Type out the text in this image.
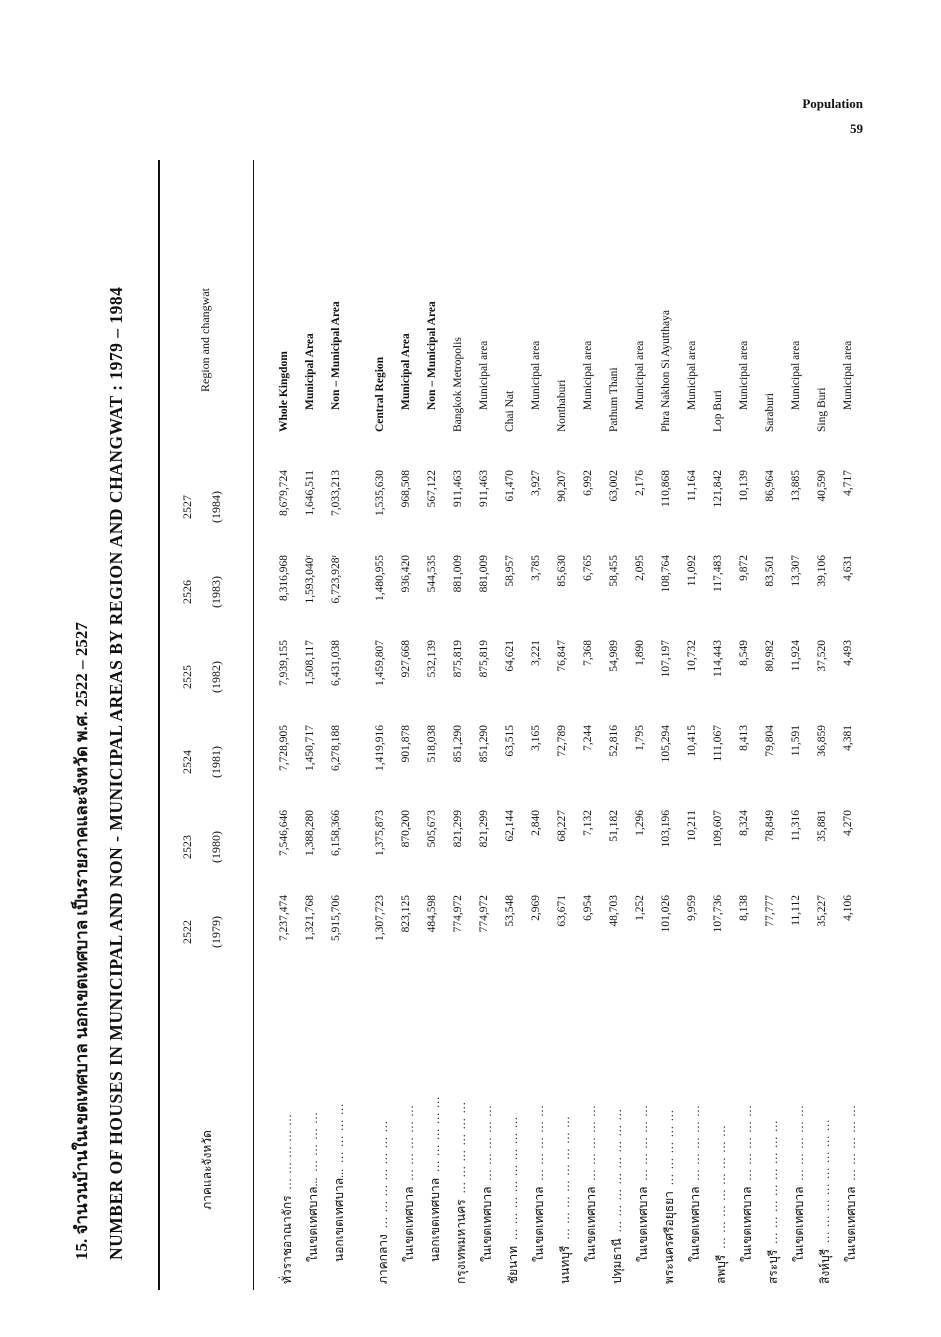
Population
59
15. จำนวนบ้านในเขตเทศบาล นอกเขตเทศบาล เป็นรายภาคและจังหวัด พ.ศ. 2522 – 2527 NUMBER OF HOUSES IN MUNICIPAL AND NON - MUNICIPAL AREAS BY REGION AND CHANGWAT : 1979 – 1984	ภาคและจังหวัด
2522 (1979)
2523 (1980)
2524 (1981)
2525 (1982)
2526 (1983)
2527 (1984)
Region and changwat
ทั่วราชอาณาจักร... ... ... ... ...
7,237,474
7,546,646
7,728,905
7,939,155
8,316,968
8,679,724
Whole Kingdom
ในเขตเทศบาล...... ... ... ...
1,321,768
1,388,280
1,450,717
1,508,117
1,593,040ʳ
1,646,511
Municipal Area
นอกเขตเทศบาล...... ... ... ...
5,915,706
6,158,366
6,278,188
6,431,038
6,723,928ʳ
7,033,213
Non – Municipal Area
ภาคกลาง... ... ... ... ... ... ...
1,307,723
1,375,873
1,419,916
1,459,807
1,480,955
1,535,630
Central Region
ในเขตเทศบาล... ... ... ... ...
823,125
870,200
901,878
927,668
936,420
968,508
Municipal Area
นอกเขตเทศบาล... ... ... ... ...
484,598
505,673
518,038
532,139
544,535
567,122
Non – Municipal Area
กรุงเทพมหานคร... ... ... ... ... ...
774,972
821,299
851,290
875,819
881,009
911,463
Bangkok Metropolis
ในเขตเทศบาล... ... ... ... ...
774,972
821,299
851,290
875,819
881,009
911,463
Municipal area
ชัยนาท... ... ... ... ... ... ... ...
53,548
62,144
63,515
64,621
58,957
61,470
Chai Nat
ในเขตเทศบาล... ... ... ... ...
2,969
2,840
3,165
3,221
3,785
3,927
Municipal area
นนทบุรี... ... ... ... ... ... ... ...
63,671
68,227
72,789
76,847
85,630
90,207
Nonthaburi
ในเขตเทศบาล... ... ... ... ...
6,954
7,132
7,244
7,368
6,765
6,992
Municipal area
ปทุมธานี... ... ... ... ... ... ... ...
48,703
51,182
52,816
54,989
58,455
63,002
Pathum Thani
ในเขตเทศบาล... ... ... ... ...
1,252
1,296
1,795
1,890
2,095
2,176
Municipal area
พระนครศรีอยุธยา... ... ... ... ...
101,026
103,196
105,294
107,197
108,764
110,868
Phra Nakhon Si Ayutthaya
ในเขตเทศบาล... ... ... ... ...
9,959
10,211
10,415
10,732
11,092
11,164
Municipal area
ลพบุรี... ... ... ... ... ... ... ...
107,736
109,607
111,067
114,443
117,483
121,842
Lop Buri
ในเขตเทศบาล... ... ... ... ...
8,138
8,324
8,413
8,549
9,872
10,139
Municipal area
สระบุรี... ... ... ... ... ... ... ...
77,777
78,849
79,804
80,982
83,501
86,964
Saraburi
ในเขตเทศบาล... ... ... ... ...
11,112
11,316
11,591
11,924
13,307
13,885
Municipal area
สิงห์บุรี... ... ... ... ... ... ... ...
35,227
35,881
36,859
37,520
39,106
40,590
Sing Buri
ในเขตเทศบาล... ... ... ... ...
4,106
4,270
4,381
4,493
4,631
4,717
Municipal area
